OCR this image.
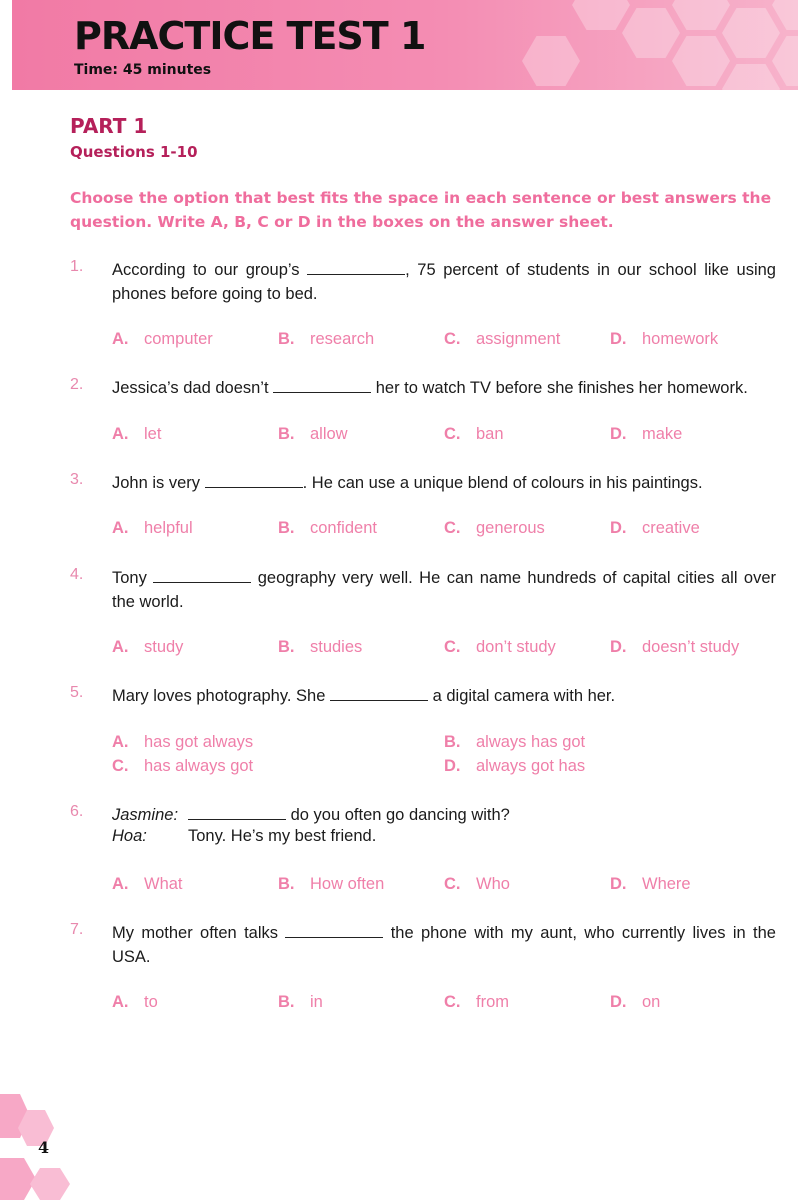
PRACTICE TEST 1
Time: 45 minutes
PART 1
Questions 1-10
Choose the option that best fits the space in each sentence or best answers the question. Write A, B, C or D in the boxes on the answer sheet.
1. According to our group’s	, 75 percent of students in our school like using phones before going to bed.
A. computer	B. research	C. assignment	D. homework
2. Jessica’s dad doesn’t	her to watch TV before she finishes her homework.
A. let	B. allow	C. ban	D. make
3. John is very	. He can use a unique blend of colours in his paintings.
A. helpful	B. confident	C. generous	D. creative
4. Tony	geography very well. He can name hundreds of capital cities all over the world.
A. study	B. studies	C. don’t study	D. doesn’t study
5. Mary loves photography. She	a digital camera with her.
A. has got always	B. always has got
C. has always got	D. always got has
6. Jasmine:	do you often go dancing with?
Hoa: Tony. He’s my best friend.
A. What	B. How often	C. Who	D. Where
7. My mother often talks	the phone with my aunt, who currently lives in the USA.
A. to	B. in	C. from	D. on
4
